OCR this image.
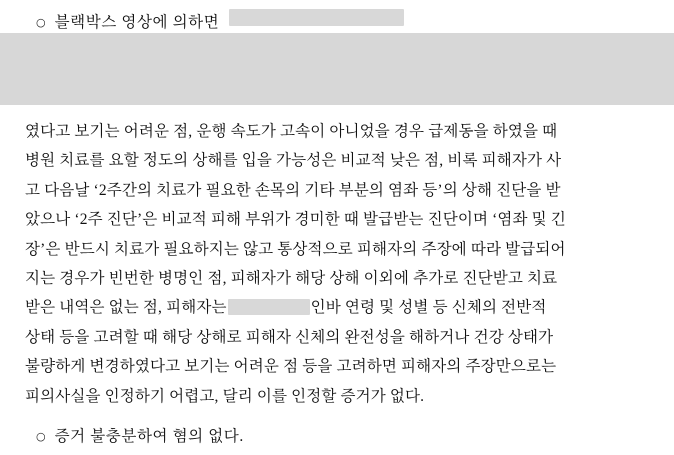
○ 블랙박스 영상에 의하면
였다고 보기는 어려운 점, 운행 속도가 고속이 아니었을 경우 급제동을 하였을 때
병원 치료를 요할 정도의 상해를 입을 가능성은 비교적 낮은 점, 비록 피해자가 사
고 다음날 ‘2주간의 치료가 필요한 손목의 기타 부분의 염좌 등’의 상해 진단을 받
았으나 ‘2주 진단’은 비교적 피해 부위가 경미한 때 발급받는 진단이며 ‘염좌 및 긴
장’은 반드시 치료가 필요하지는 않고 통상적으로 피해자의 주장에 따라 발급되어
지는 경우가 빈번한 병명인 점, 피해자가 해당 상해 이외에 추가로 진단받고 치료
받은 내역은 없는 점, 피해자는	인바 연령 및 성별 등 신체의 전반적
상태 등을 고려할 때 해당 상해로 피해자 신체의 완전성을 해하거나 건강 상태가
불량하게 변경하였다고 보기는 어려운 점 등을 고려하면 피해자의 주장만으로는
피의사실을 인정하기 어렵고, 달리 이를 인정할 증거가 없다.
○ 증거 불충분하여 혐의 없다.
